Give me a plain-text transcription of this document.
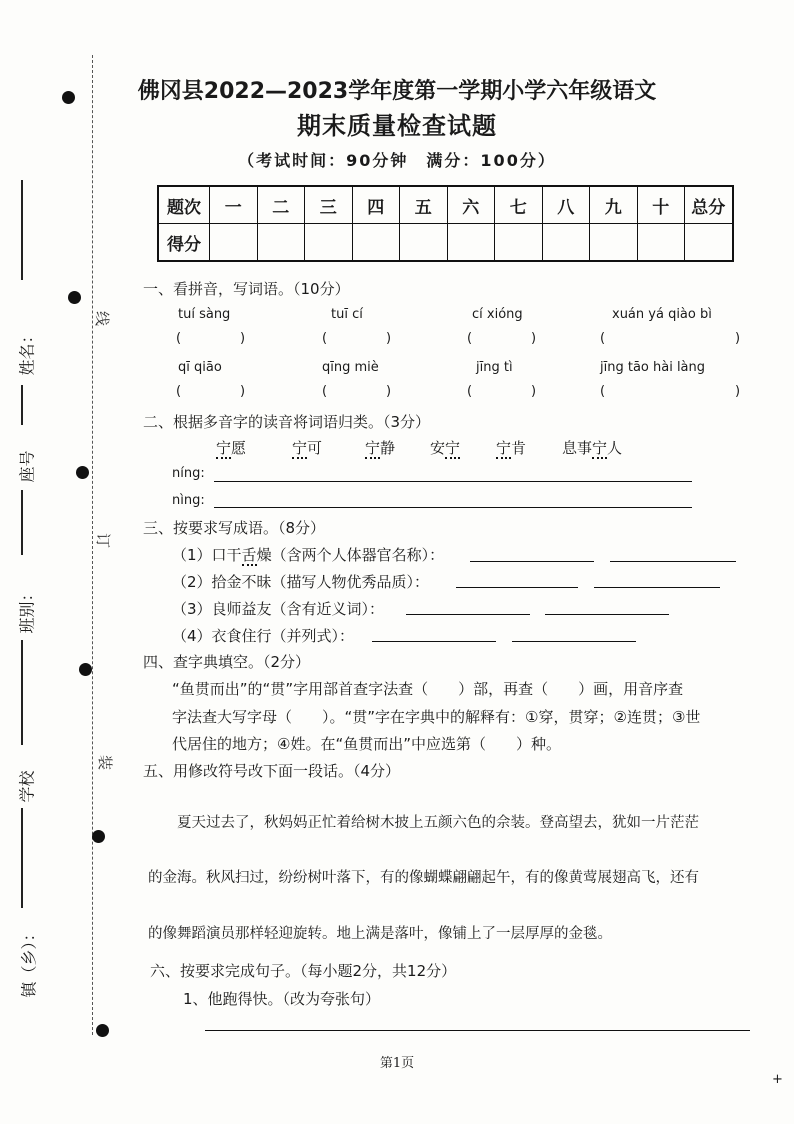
姓名：
座号
班别：
学校
镇（乡）：
线
订
装
佛冈县2022—2023学年度第一学期小学六年级语文
期末质量检查试题
（考试时间：90分钟　满分：100分）
题次	一	二	三	四	五	六	七	八	九	十	总分
得分											
一、看拼音，写词语。（10分）
tuí sàng	tuī cí	cí xióng	xuán yá qiào bì
(	)	(	)	(	)	(	)
qī qiāo	qīng miè	jīng tì	jīng tāo hài làng
(	)	(	)	(	)	(	)
二、根据多音字的读音将词语归类。（3分）
宁愿	宁可	宁静 安宁 宁肯 息事宁人
níng:
nìng:
三、按要求写成语。（8分）
（1）口干舌燥（含两个人体器官名称）：
（2）拾金不昧（描写人物优秀品质）：
（3）良师益友（含有近义词）：
（4）衣食住行（并列式）：
四、查字典填空。（2分）
“鱼贯而出”的“贯”字用部首查字法查（　　）部，再查（　　）画，用音序查
字法查大写字母（　　）。“贯”字在字典中的解释有：①穿，贯穿；②连贯；③世
代居住的地方；④姓。在“鱼贯而出”中应选第（　　）种。
五、用修改符号改下面一段话。（4分）
　　夏天过去了，秋妈妈正忙着给树木披上五颜六色的佘装。登高望去，犹如一片茫茫
的金海。秋风扫过，纷纷树叶落下，有的像蝴蝶翩翩起午，有的像黄莺展翅高飞，还有
的像舞蹈演员那样轻迎旋转。地上满是落叶，像铺上了一层厚厚的金毯。
六、按要求完成句子。（每小题2分，共12分）
1、他跑得快。（改为夸张句）
第1页
+
